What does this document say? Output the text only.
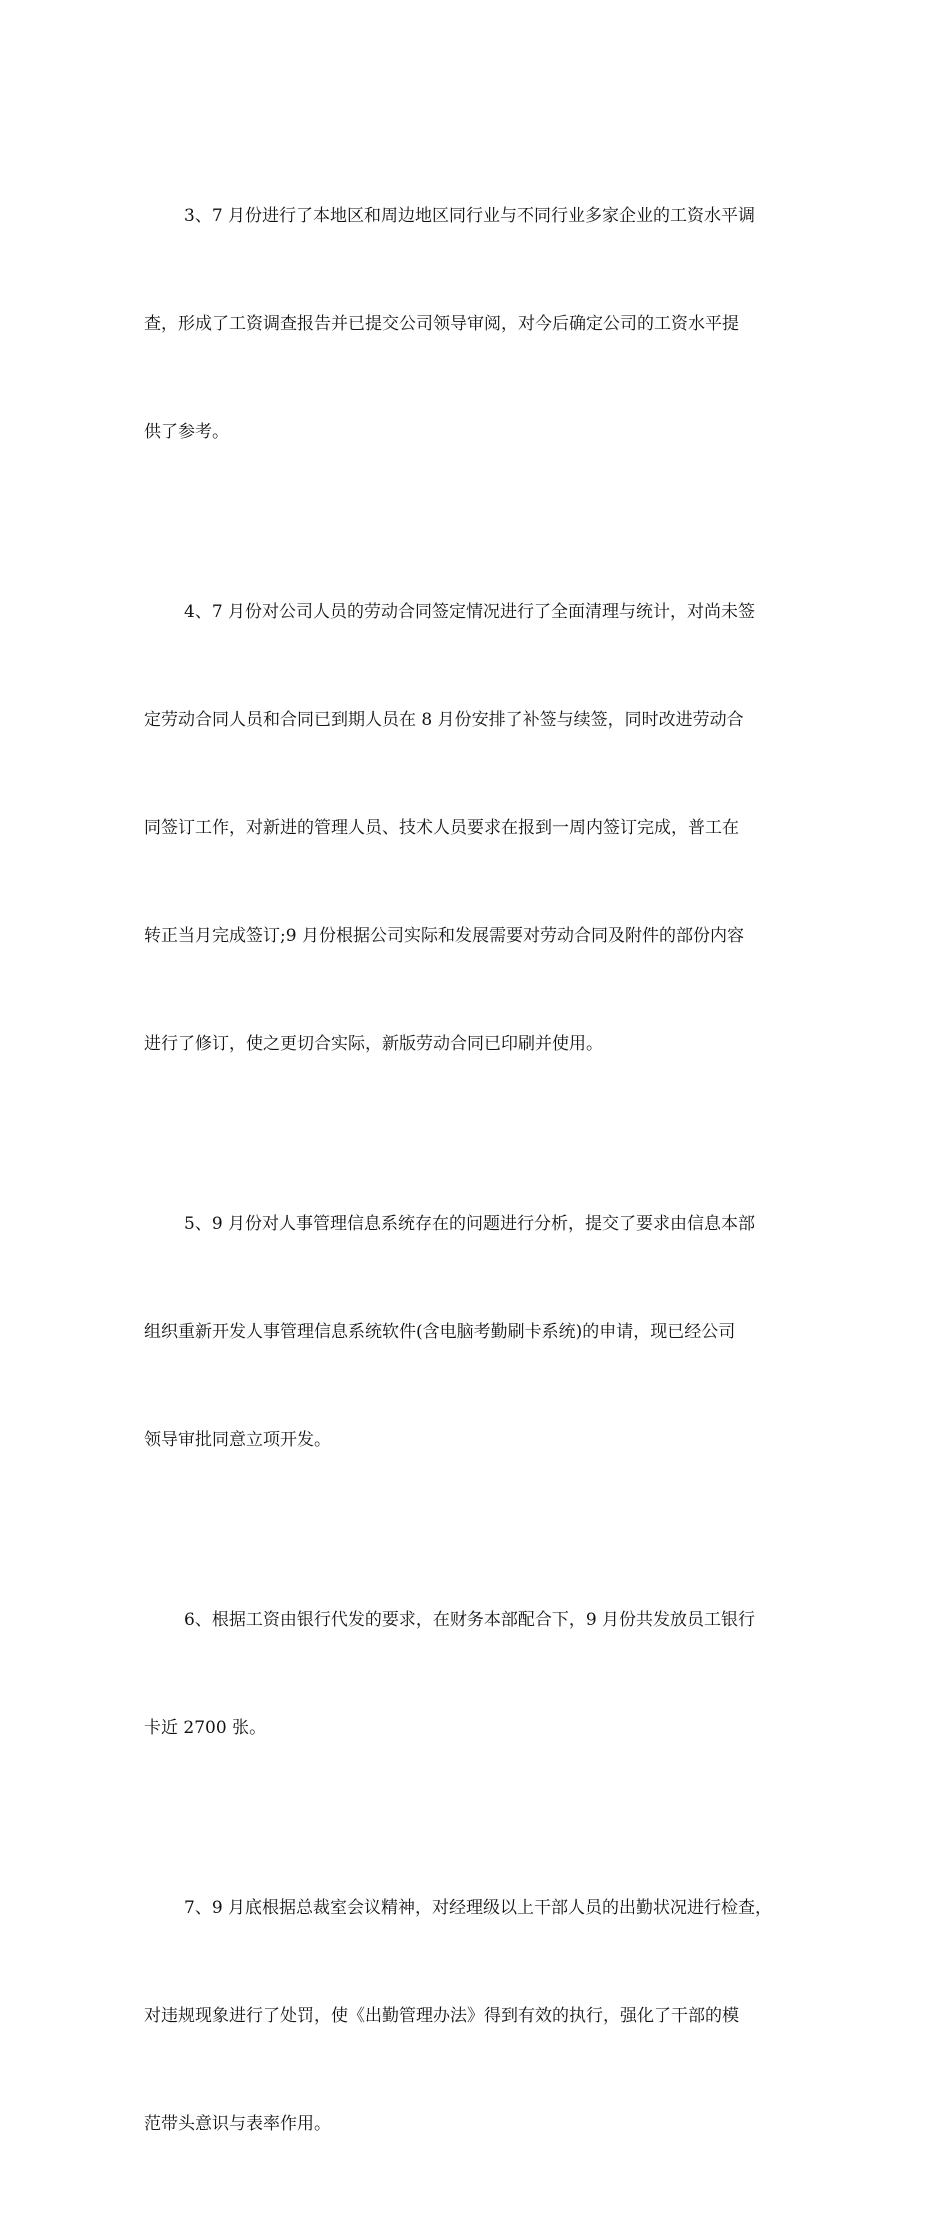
3、7 月份进行了本地区和周边地区同行业与不同行业多家企业的工资水平调

查，形成了工资调查报告并已提交公司领导审阅，对今后确定公司的工资水平提

供了参考。

4、7 月份对公司人员的劳动合同签定情况进行了全面清理与统计，对尚未签

定劳动合同人员和合同已到期人员在 8 月份安排了补签与续签，同时改进劳动合

同签订工作，对新进的管理人员、技术人员要求在报到一周内签订完成，普工在

转正当月完成签订;9 月份根据公司实际和发展需要对劳动合同及附件的部份内容

进行了修订，使之更切合实际，新版劳动合同已印刷并使用。

5、9 月份对人事管理信息系统存在的问题进行分析，提交了要求由信息本部

组织重新开发人事管理信息系统软件(含电脑考勤刷卡系统)的申请，现已经公司

领导审批同意立项开发。

6、根据工资由银行代发的要求，在财务本部配合下，9 月份共发放员工银行

卡近 2700 张。

7、9 月底根据总裁室会议精神，对经理级以上干部人员的出勤状况进行检查，

对违规现象进行了处罚，使《出勤管理办法》得到有效的执行，强化了干部的模

范带头意识与表率作用。
